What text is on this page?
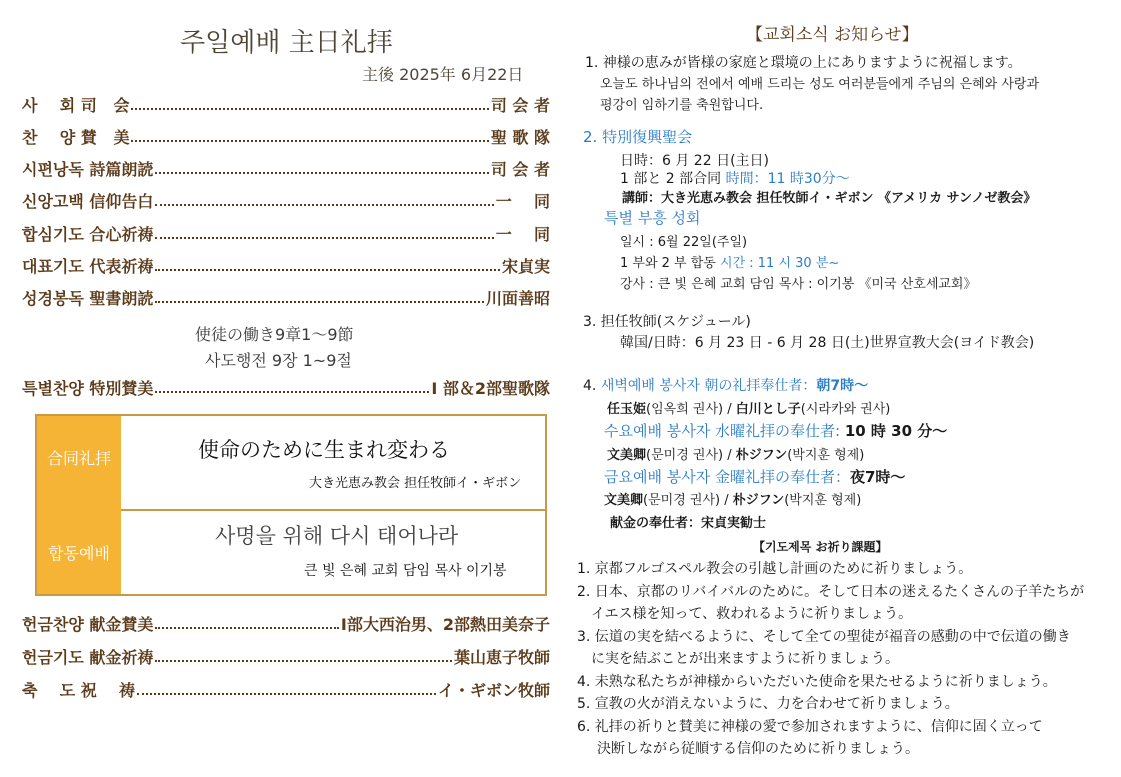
주일예배 主日礼拝
主後 2025年 6月22日
사    회 司   会	司 会 者
찬    양 賛   美	聖 歌 隊
시편낭독 詩篇朗読	司 会 者
신앙고백 信仰告白	一    同
합심기도 合心祈祷	一    同
대표기도 代表祈祷	宋貞実
성경봉독 聖書朗読	川面善昭
使徒の働き9章1～9節
사도행전 9장 1~9절
특별찬양 特別賛美	Ⅰ 部＆2部聖歌隊
合同礼拝
합동예배
使命のために生まれ変わる
大き光恵み教会 担任牧師イ・ギボン
사명을 위해 다시 태어나라
큰 빛 은혜 교회 담임 목사 이기봉
헌금찬양 献金賛美	Ⅰ部大西治男、2部熱田美奈子
헌금기도 献金祈祷	葉山恵子牧師
축    도 祝    祷	イ・ギボン牧師
【교회소식 お知らせ】
1. 神様の恵みが皆様の家庭と環境の上にありますように祝福します。
오늘도 하나님의 전에서 예배 드리는 성도 여러분들에게 주님의 은혜와 사랑과
평강이 임하기를 축원합니다.
2. 特別復興聖会
日時：6 月 22 日(主日)
1 部と 2 部合同 時間：11 時30分～
講師：大き光恵み教会 担任牧師イ・ギボン 《アメリカ サンノゼ教会》
특별 부흥 성회
일시 : 6월 22일(주일)
1 부와 2 부 합동 시간 : 11 시 30 분~
강사 : 큰 빛 은혜 교회 담임 목사 : 이기봉 《미국 산호세교회》
3. 担任牧師(スケジュール)
韓国/日時：6 月 23 日 - 6 月 28 日(土)世界宣教大会(ヨイド教会)
4. 새벽예배 봉사자 朝の礼拝奉仕者：朝7時～
任玉姫(임옥희 권사) / 白川とし子(시라카와 권사)
수요예배 봉사자 水曜礼拝の奉仕者: 10 時 30 分～
文美卿(문미경 권사) / 朴ジフン(박지훈 형제)
금요예배 봉사자 金曜礼拝の奉仕者：夜7時～
文美卿(문미경 권사) / 朴ジフン(박지훈 형제)
献金の奉仕者：宋貞実勧士
【기도제목 お祈り課題】
1. 京都フルゴスペル教会の引越し計画のために祈りましょう。
2. 日本、京都のリバイバルのために。そして日本の迷えるたくさんの子羊たちが
イエス様を知って、救われるように祈りましょう。
3. 伝道の実を結べるように、そして全ての聖徒が福音の感動の中で伝道の働き
に実を結ぶことが出来ますように祈りましょう。
4. 未熟な私たちが神様からいただいた使命を果たせるように祈りましょう。
5. 宣教の火が消えないように、力を合わせて祈りましょう。
6. 礼拝の祈りと賛美に神様の愛で参加されますように、信仰に固く立って
決断しながら従順する信仰のために祈りましょう。
